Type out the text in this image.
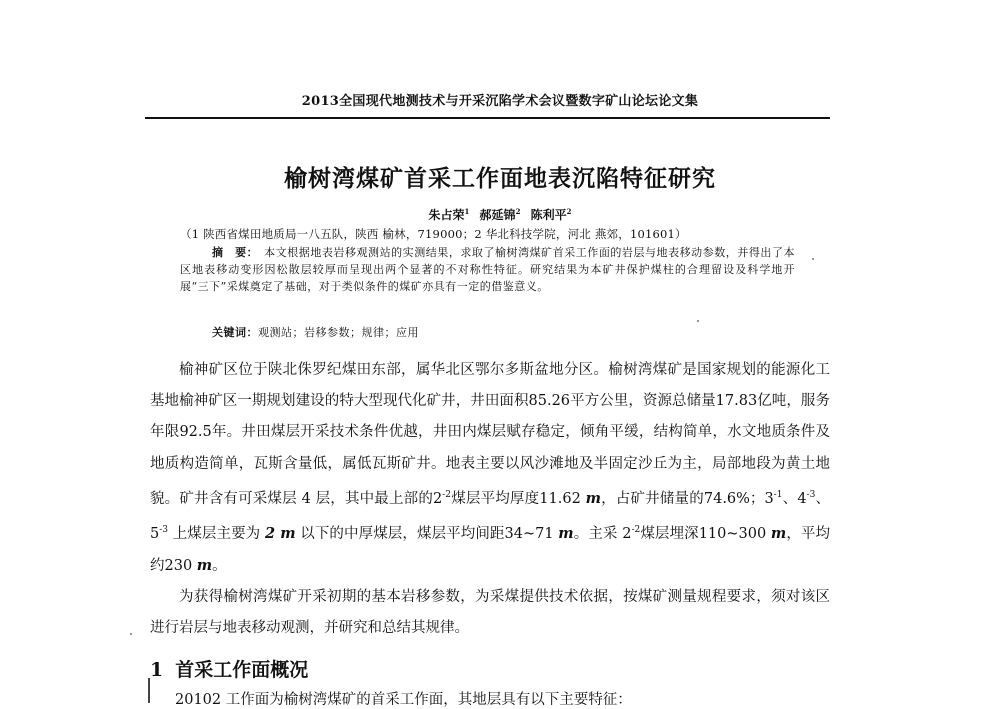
2013全国现代地测技术与开采沉陷学术会议暨数字矿山论坛论文集
榆树湾煤矿首采工作面地表沉陷特征研究
朱占荣$^1$ 郝延锦$^2$ 陈利平$^2$
（1 陕西省煤田地质局一八五队，陕西 榆林，719000；2 华北科技学院，河北 燕郊，101601）
摘　要： 本文根据地表岩移观测站的实测结果，求取了榆树湾煤矿首采工作面的岩层与地表移动参数，并得出了本区地表移动变形因松散层较厚而呈现出两个显著的不对称性特征。研究结果为本矿井保护煤柱的合理留设及科学地开展“三下”采煤奠定了基础，对于类似条件的煤矿亦具有一定的借鉴意义。
关键词：观测站；岩移参数；规律；应用

榆神矿区位于陕北侏罗纪煤田东部，属华北区鄂尔多斯盆地分区。榆树湾煤矿是国家规划的能源化工基地榆神矿区一期规划建设的特大型现代化矿井，井田面积85.26平方公里，资源总储量17.83亿吨，服务年限92.5年。井田煤层开采技术条件优越，井田内煤层赋存稳定，倾角平缓，结构简单，水文地质条件及地质构造简单，瓦斯含量低，属低瓦斯矿井。地表主要以风沙滩地及半固定沙丘为主，局部地段为黄土地貌。矿井含有可采煤层 4 层，其中最上部的$2^{-2}$煤层平均厚度11.62 m，占矿井储量的74.6%；$3^{-1}$、$4^{-3}$、$5^{-3}$ 上煤层主要为 2 m 以下的中厚煤层，煤层平均间距34~71 m。主采 $2^{-2}$煤层埋深110~300 m，平均约230 m。

为获得榆树湾煤矿开采初期的基本岩移参数，为采煤提供技术依据，按煤矿测量规程要求，须对该区进行岩层与地表移动观测，并研究和总结其规律。

1 首采工作面概况
20102 工作面为榆树湾煤矿的首采工作面，其地层具有以下主要特征：
